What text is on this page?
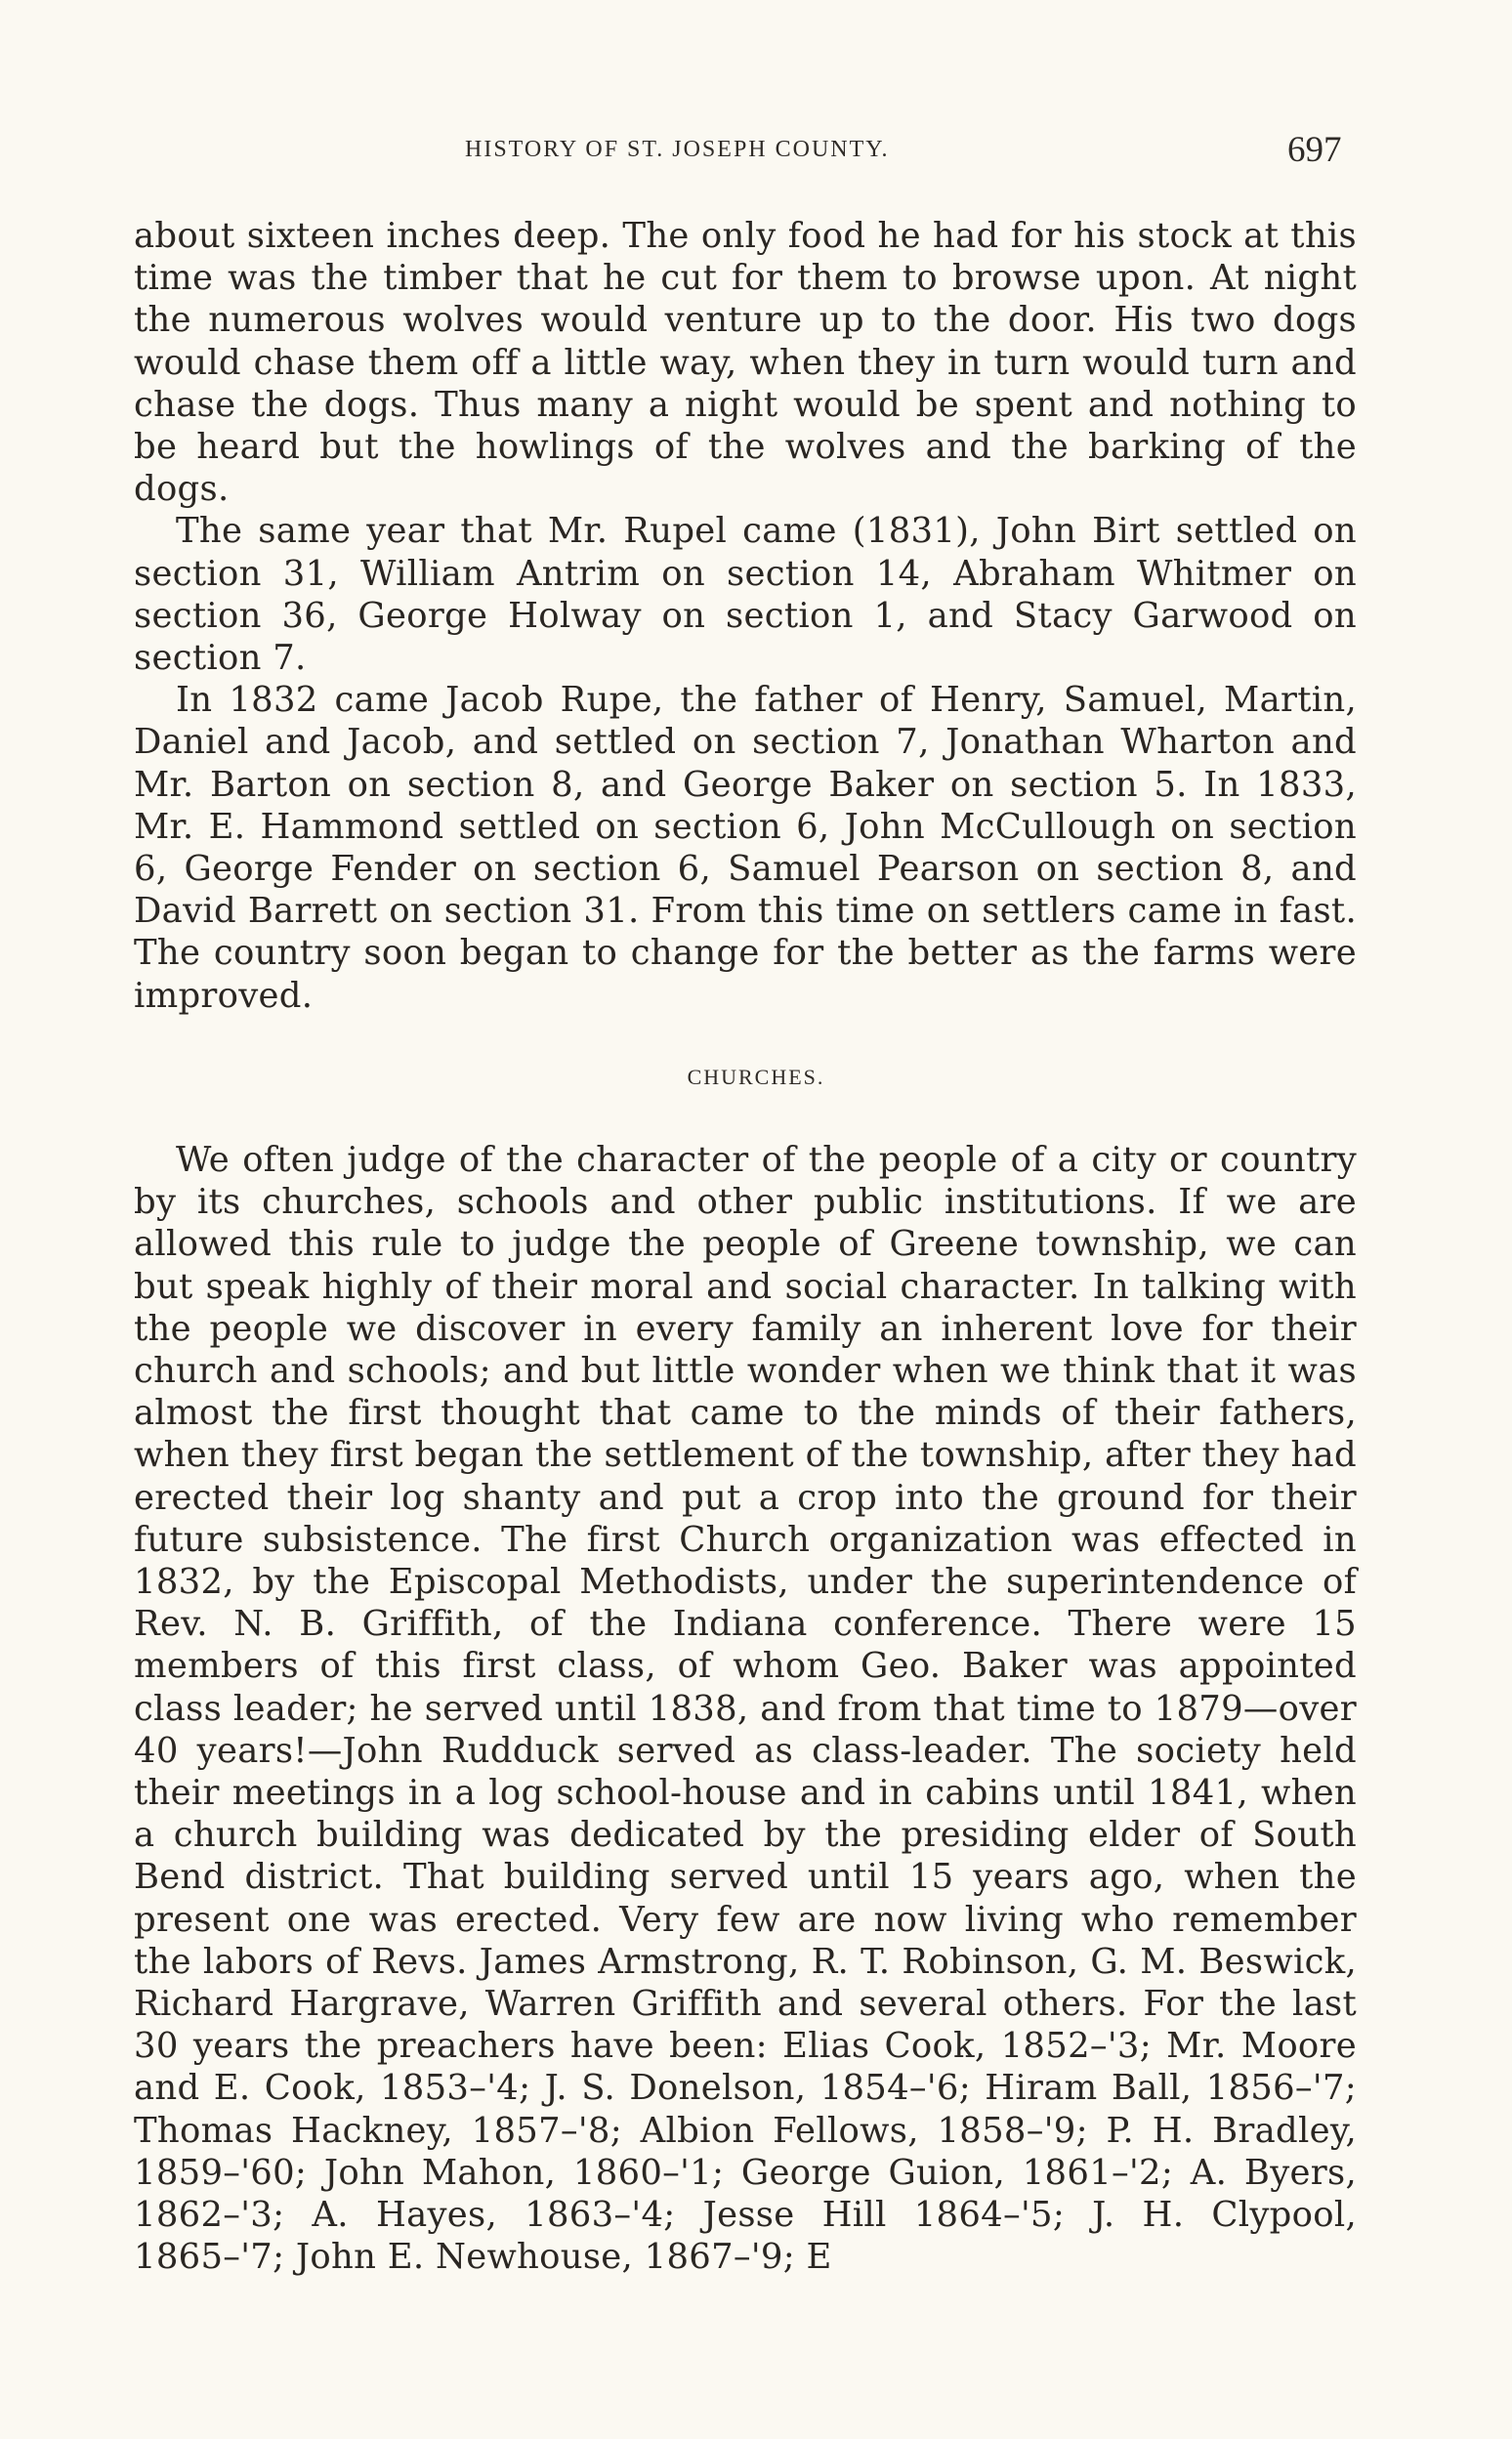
HISTORY OF ST. JOSEPH COUNTY.	697

about sixteen inches deep. The only food he had for his stock at this time was the timber that he cut for them to browse upon. At night the numerous wolves would venture up to the door. His two dogs would chase them off a little way, when they in turn would turn and chase the dogs. Thus many a night would be spent and nothing to be heard but the howlings of the wolves and the barking of the dogs.

The same year that Mr. Rupel came (1831), John Birt settled on section 31, William Antrim on section 14, Abraham Whitmer on section 36, George Holway on section 1, and Stacy Garwood on section 7.

In 1832 came Jacob Rupe, the father of Henry, Samuel, Martin, Daniel and Jacob, and settled on section 7, Jonathan Wharton and Mr. Barton on section 8, and George Baker on section 5. In 1833, Mr. E. Hammond settled on section 6, John McCullough on section 6, George Fender on section 6, Samuel Pearson on section 8, and David Barrett on section 31. From this time on settlers came in fast. The country soon began to change for the better as the farms were improved.

CHURCHES.

We often judge of the character of the people of a city or country by its churches, schools and other public institutions. If we are allowed this rule to judge the people of Greene township, we can but speak highly of their moral and social character. In talking with the people we discover in every family an inherent love for their church and schools; and but little wonder when we think that it was almost the first thought that came to the minds of their fathers, when they first began the settlement of the township, after they had erected their log shanty and put a crop into the ground for their future subsistence. The first Church organization was effected in 1832, by the Episcopal Methodists, under the superintendence of Rev. N. B. Griffith, of the Indiana conference. There were 15 members of this first class, of whom Geo. Baker was appointed class leader; he served until 1838, and from that time to 1879—over 40 years!—John Rudduck served as class-leader. The society held their meetings in a log school-house and in cabins until 1841, when a church building was dedicated by the presiding elder of South Bend district. That building served until 15 years ago, when the present one was erected. Very few are now living who remember the labors of Revs. James Armstrong, R. T. Robinson, G. M. Beswick, Richard Hargrave, Warren Griffith and several others. For the last 30 years the preachers have been: Elias Cook, 1852–'3; Mr. Moore and E. Cook, 1853–'4; J. S. Donelson, 1854–'6; Hiram Ball, 1856–'7; Thomas Hackney, 1857–'8; Albion Fellows, 1858–'9; P. H. Bradley, 1859–'60; John Mahon, 1860–'1; George Guion, 1861–'2; A. Byers, 1862–'3; A. Hayes, 1863–'4; Jesse Hill 1864–'5; J. H. Clypool, 1865–'7; John E. Newhouse, 1867–'9; E
